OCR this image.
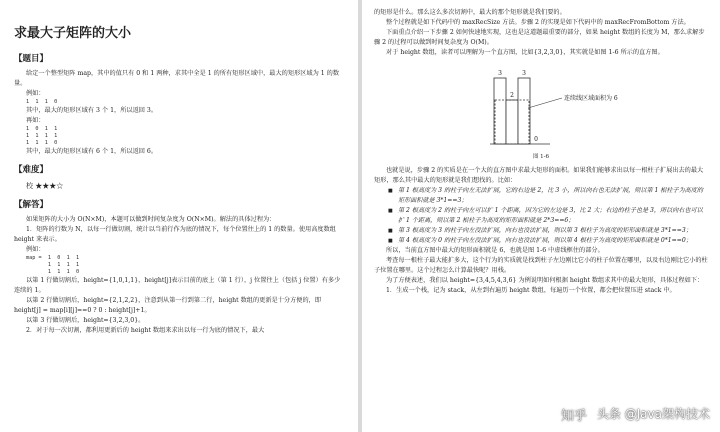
求最大子矩阵的大小
【题目】
给定一个整型矩阵 map，其中的值只有 0 和 1 两种，求其中全是 1 的所有矩形区域中，最大的矩形区域为 1 的数量。
例如：
1  1  1  0
其中，最大的矩形区域有 3 个 1，所以返回 3。
再如：
1  0  1  1
1  1  1  1
1  1  1  0
其中，最大的矩形区域有 6 个 1，所以返回 6。
【难度】
校 ★★★☆
【解答】
如果矩阵的大小为 O(N×M)，本题可以做到时间复杂度为 O(N×M)。解法的具体过程为：
1．矩阵的行数为 N，以每一行做切割，统计以当前行作为底的情况下，每个位置往上的 1 的数量。使用高度数组 height 来表示。
例如：
map =  1  0  1  1
1  1  1  1
1  1  1  0
以第 1 行做切割后，height={1,0,1,1}，height[j]表示目前的底上（第 1 行），j 位置往上（包括 j 位置）有多少连续的 1。
以第 2 行做切割后，height={2,1,2,2}，注意到从第一行到第二行，height 数组的更新是十分方便的，即 height[j] = map[i][j]==0 ? 0 : height[j]+1。
以第 3 行做切割后，height={3,2,3,0}。
2．对于每一次切割，都利用更新后的 height 数组来求出以每一行为底的情况下，最大
的矩形是什么。那么这么多次切割中，最大的那个矩形就是我们要的。
整个过程就是如下代码中的 maxRecSize 方法。步骤 2 的实现是如下代码中的 maxRecFromBottom 方法。
下面重点介绍一下步骤 2 如何快速地实现，这也是这道题最重要的部分，如果 height 数组的长度为 M，那么求解步骤 2 的过程可以做到时间复杂度为 O(M)。
对于 height 数组，读者可以理解为一个直方图，比如{3,2,3,0}，其实就是如图 1-6 所示的直方图。
3
2
3
0
连续线区域面积为 6
图 1-6
也就是说，步骤 2 的实质是在一个大的直方图中求最大矩形的面积。如果我们能够求出以每一根柱子扩展出去的最大矩形，那么其中最大的矩形就是我们想找的。比如：
■ 第 1 根高度为 3 的柱子向左无法扩展，它的右边是 2，比 3 小，所以向右也无法扩展，则以第 1 根柱子为高度的矩形面积就是 3*1==3；
■ 第 2 根高度为 2 的柱子向左可以扩 1 个距离，因为它的左边是 3，比 2 大；右边的柱子也是 3，所以向右也可以扩 1 个距离，则以第 2 根柱子为高度的矩形面积就是 2*3==6；
■ 第 3 根高度为 3 的柱子向左没法扩展，向右也没法扩展，则以第 3 根柱子为高度的矩形面积就是 3*1==3；
■ 第 4 根高度为 0 的柱子向左没法扩展，向右也没法扩展，则以第 4 根柱子为高度的矩形面积就是 0*1==0；
所以，当前直方图中最大的矩形面积就是 6，也就是图 1-6 中虚线框住的部分。
考查每一根柱子最大能扩多大，这个行为的实质就是找到柱子左边刚比它小的柱子位置在哪里，以及右边刚比它小的柱子位置在哪里。这个过程怎么计算最快呢？用栈。
为了方便表述，我们以 height={3,4,5,4,3,6} 为例说明如何根据 height 数组求其中的最大矩形，具体过程如下：
1．生成一个栈，记为 stack，从左到右遍历 height 数组，每遍历一个位置，都会把位置压进 stack 中。
知乎 头条 @Java架构技术
